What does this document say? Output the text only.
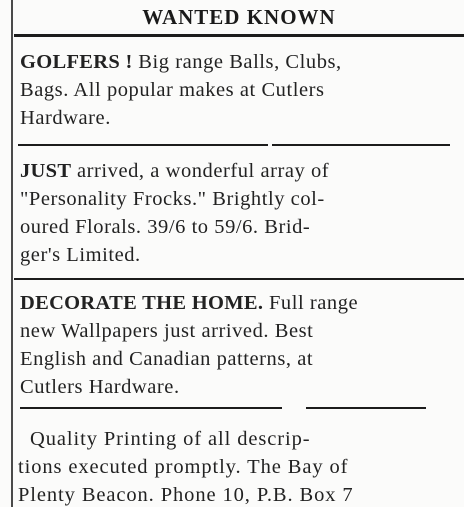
WANTED KNOWN
GOLFERS ! Big range Balls, Clubs,
Bags. All popular makes at Cutlers
Hardware.
JUST arrived, a wonderful array of
"Personality Frocks." Brightly col-
oured Florals. 39/6 to 59/6. Brid-
ger's Limited.
DECORATE THE HOME. Full range
new Wallpapers just arrived. Best
English and Canadian patterns, at
Cutlers Hardware.
Quality Printing of all descrip-
tions executed promptly. The Bay of
Plenty Beacon. Phone 10, P.B. Box 7
